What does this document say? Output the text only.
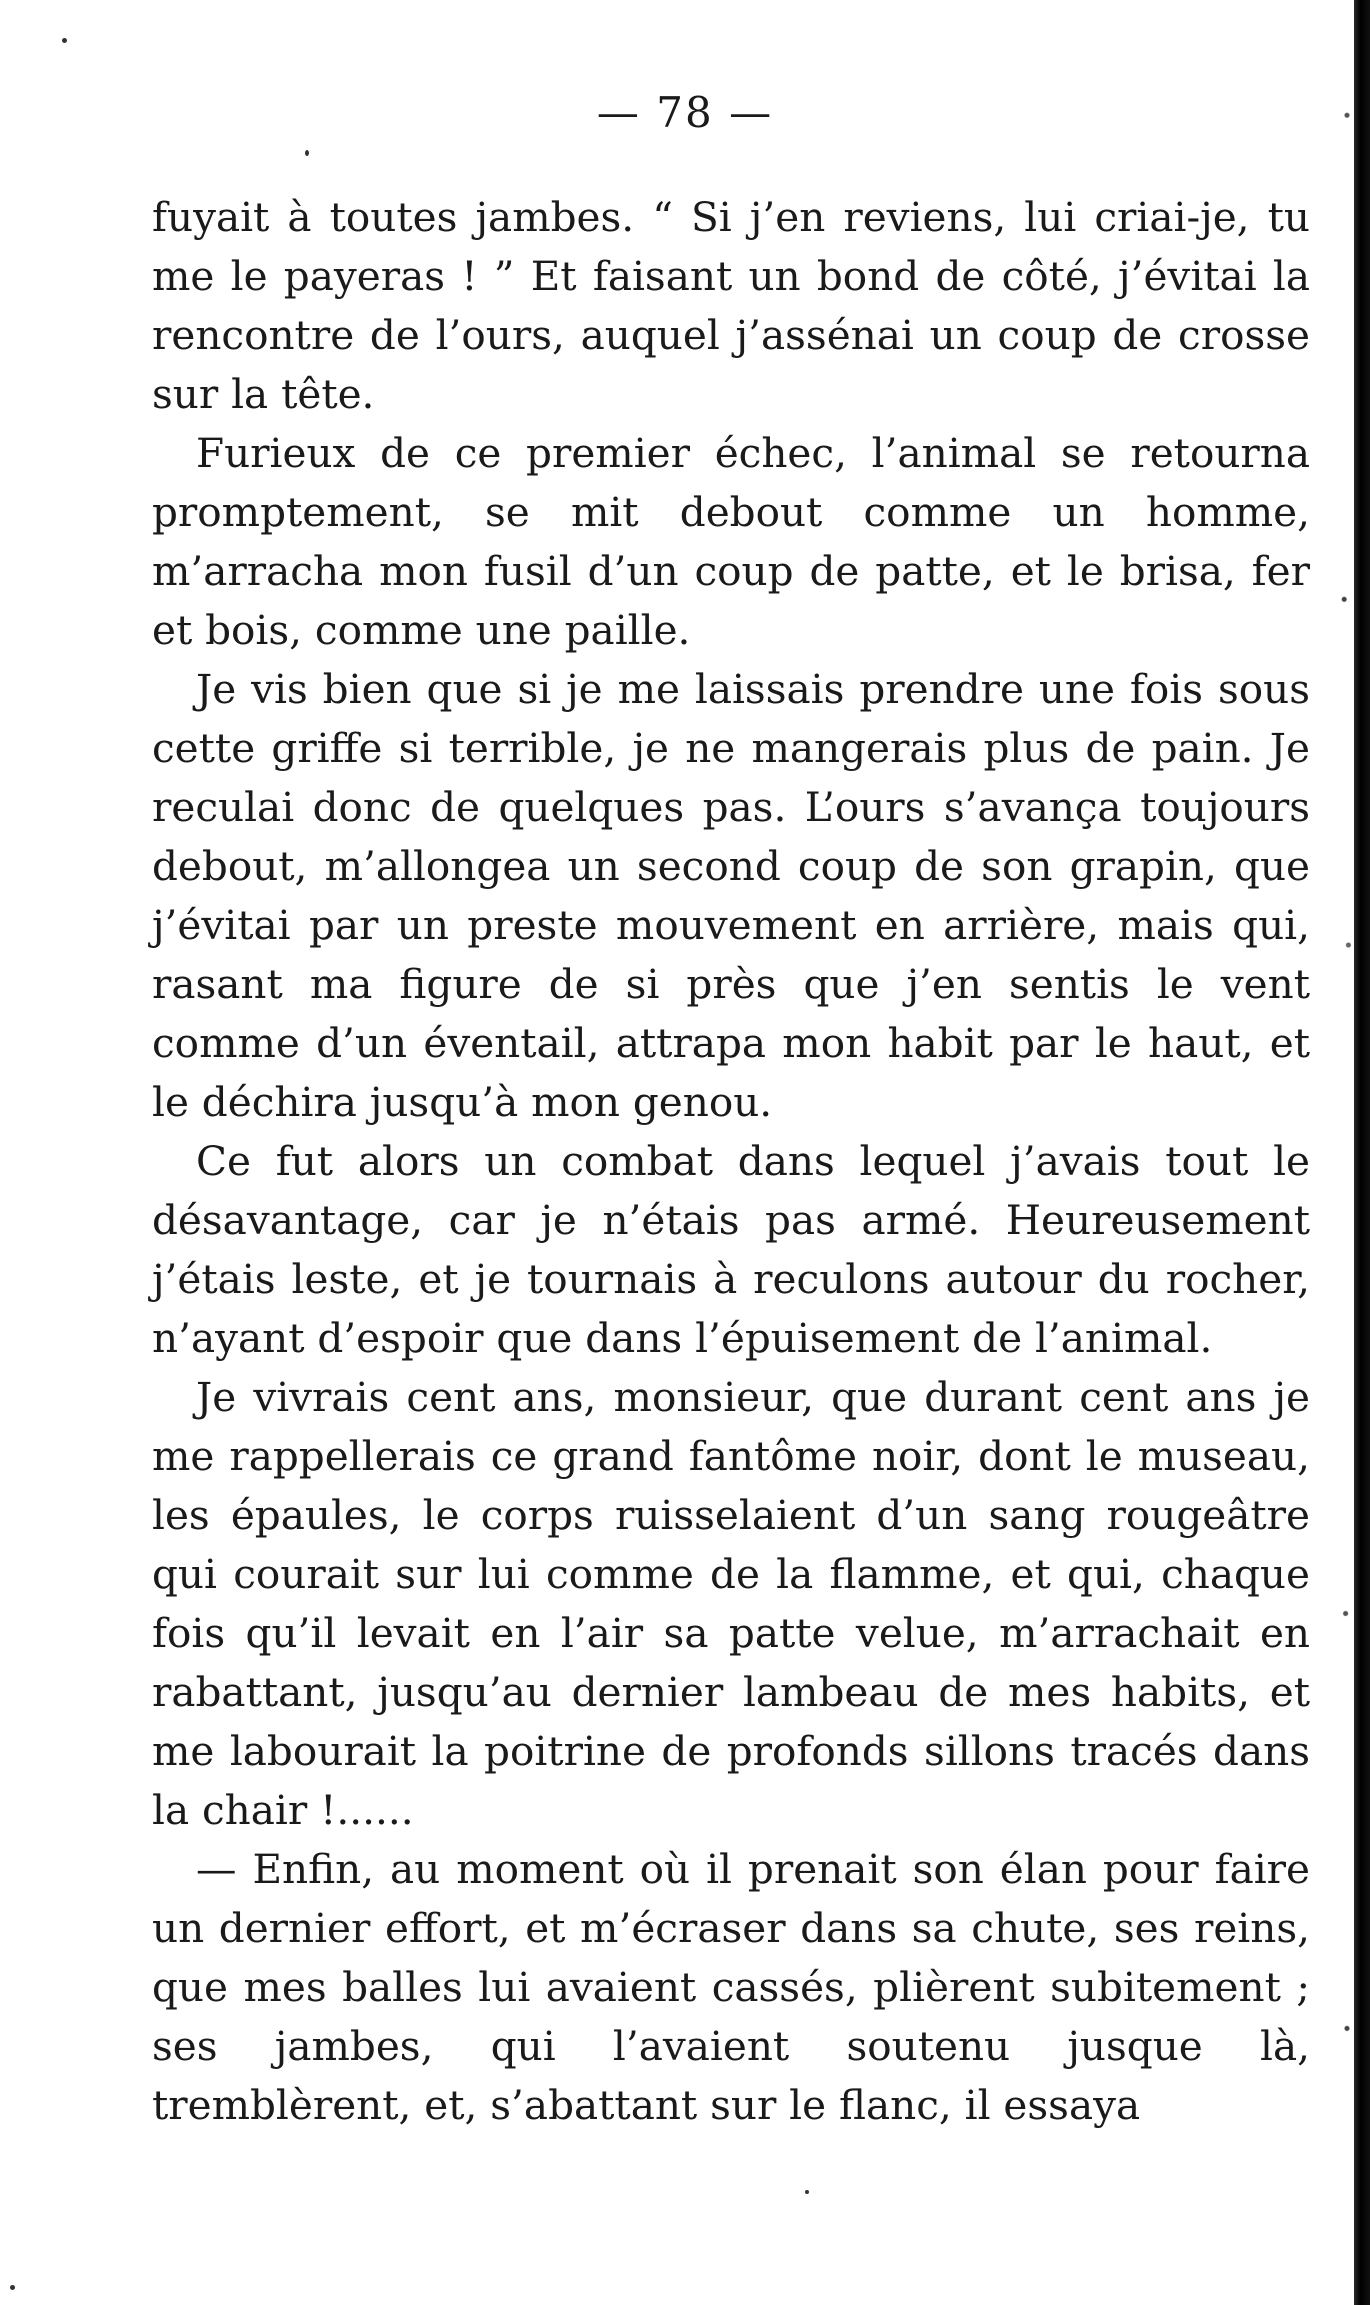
— 78 —

fuyait à toutes jambes. “ Si j’en reviens, lui criai-je, tu me le payeras ! ” Et faisant un bond de côté, j’évitai la rencontre de l’ours, auquel j’assénai un coup de crosse sur la tête.

Furieux de ce premier échec, l’animal se retourna promptement, se mit debout comme un homme, m’arracha mon fusil d’un coup de patte, et le brisa, fer et bois, comme une paille.

Je vis bien que si je me laissais prendre une fois sous cette griffe si terrible, je ne mangerais plus de pain. Je reculai donc de quelques pas. L’ours s’avança toujours debout, m’allongea un second coup de son grapin, que j’évitai par un preste mouvement en arrière, mais qui, rasant ma figure de si près que j’en sentis le vent comme d’un éventail, attrapa mon habit par le haut, et le déchira jusqu’à mon genou.

Ce fut alors un combat dans lequel j’avais tout le désavantage, car je n’étais pas armé. Heureusement j’étais leste, et je tournais à reculons autour du rocher, n’ayant d’espoir que dans l’épuisement de l’animal.

Je vivrais cent ans, monsieur, que durant cent ans je me rappellerais ce grand fantôme noir, dont le museau, les épaules, le corps ruisselaient d’un sang rougeâtre qui courait sur lui comme de la flamme, et qui, chaque fois qu’il levait en l’air sa patte velue, m’arrachait en rabattant, jusqu’au dernier lambeau de mes habits, et me labourait la poitrine de profonds sillons tracés dans la chair !......

— Enfin, au moment où il prenait son élan pour faire un dernier effort, et m’écraser dans sa chute, ses reins, que mes balles lui avaient cassés, plièrent subitement ; ses jambes, qui l’avaient soutenu jusque là, tremblèrent, et, s’abattant sur le flanc, il essaya
